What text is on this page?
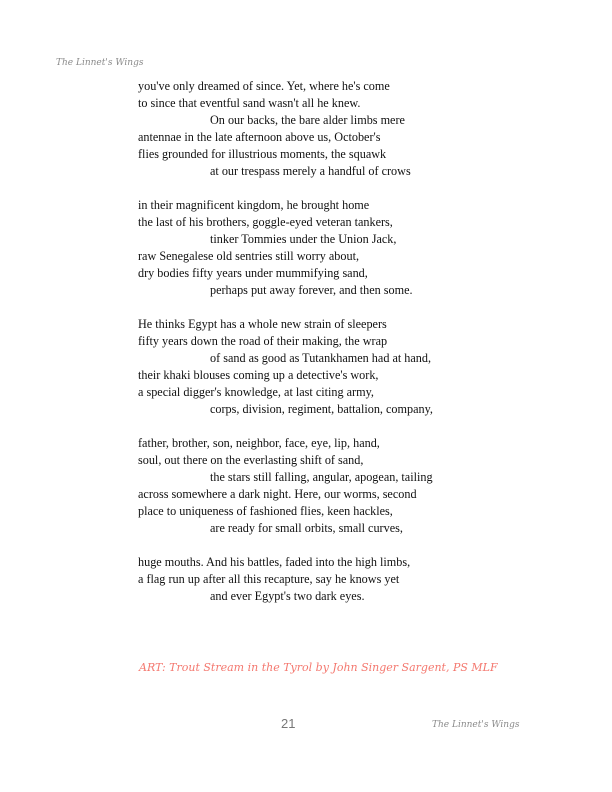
The Linnet's Wings

you've only dreamed of since. Yet, where he's come
to since that eventful sand wasn't all he knew.
On our backs, the bare alder limbs mere
antennae in the late afternoon above us, October's
flies grounded for illustrious moments, the squawk
at our trespass merely a handful of crows
in their magnificent kingdom, he brought home
the last of his brothers, goggle-eyed veteran tankers,
tinker Tommies under the Union Jack,
raw Senegalese old sentries still worry about,
dry bodies fifty years under mummifying sand,
perhaps put away forever, and then some.
He thinks Egypt has a whole new strain of sleepers
fifty years down the road of their making, the wrap
of sand as good as Tutankhamen had at hand,
their khaki blouses coming up a detective's work,
a special digger's knowledge, at last citing army,
corps, division, regiment, battalion, company,
father, brother, son, neighbor, face, eye, lip, hand,
soul, out there on the everlasting shift of sand,
the stars still falling, angular, apogean, tailing
across somewhere a dark night. Here, our worms, second
place to uniqueness of fashioned flies, keen hackles,
are ready for small orbits, small curves,
huge mouths. And his battles, faded into the high limbs,
a flag run up after all this recapture, say he knows yet
and ever Egypt's two dark eyes.

ART: Trout Stream in the Tyrol by John Singer Sargent, PS MLF

21	The Linnet's Wings
